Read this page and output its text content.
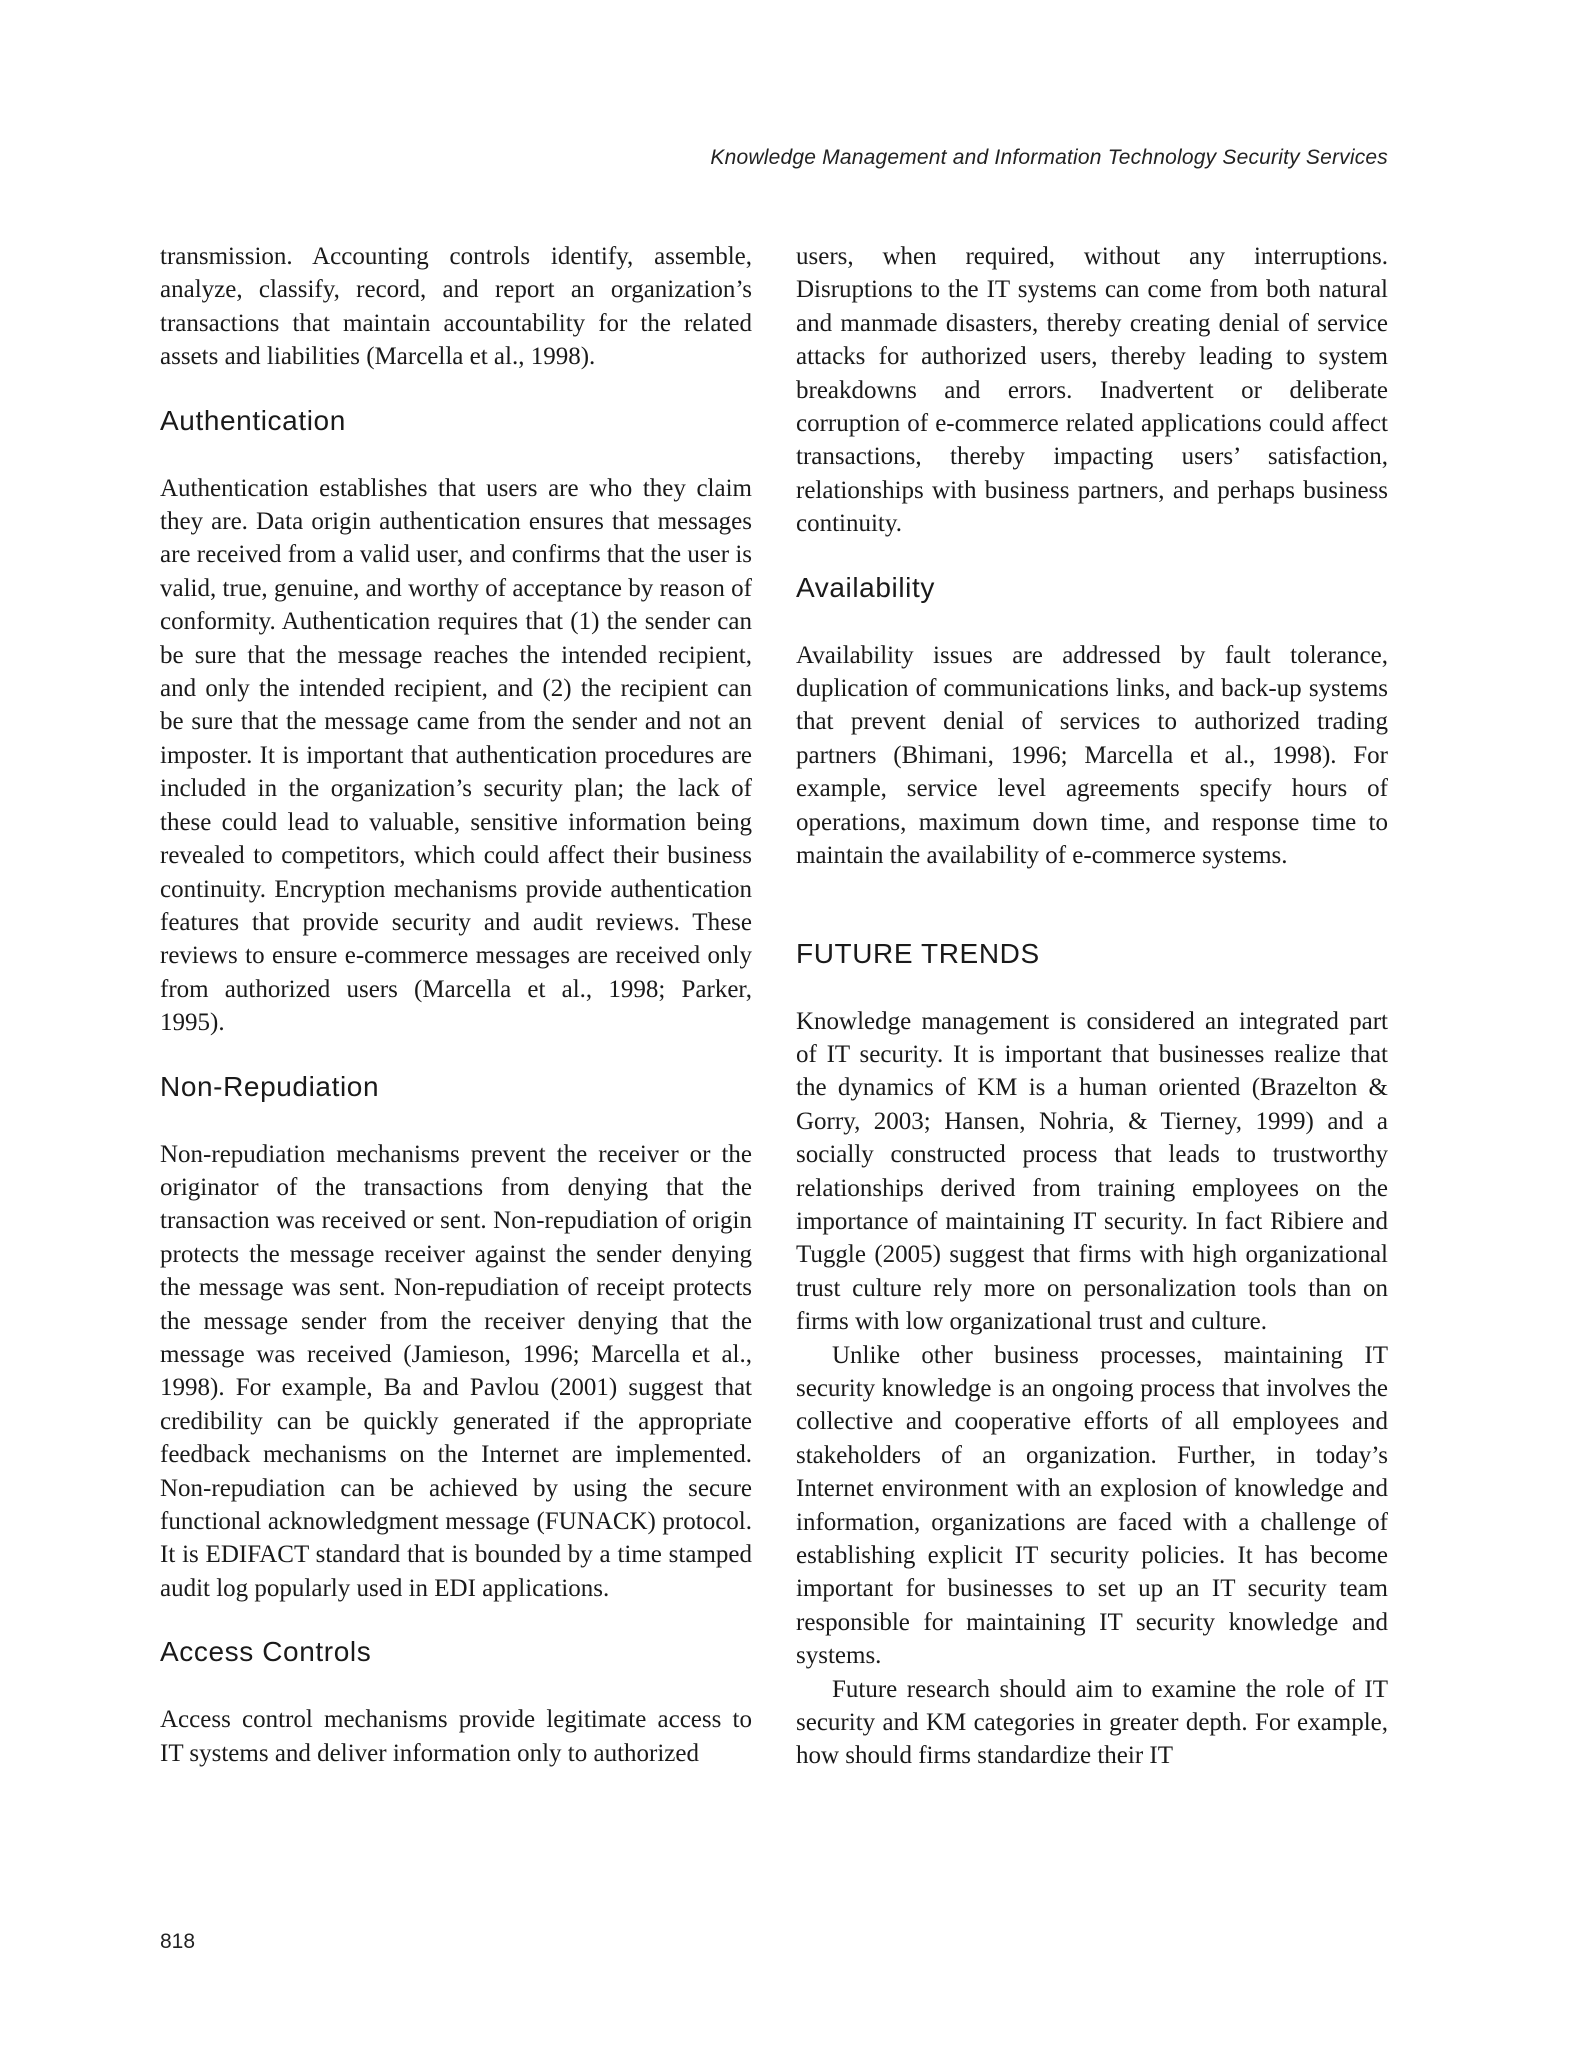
Knowledge Management and Information Technology Security Services

transmission. Accounting controls identify, assemble, analyze, classify, record, and report an organization’s transactions that maintain accountability for the related assets and liabilities (Marcella et al., 1998).

Authentication

Authentication establishes that users are who they claim they are. Data origin authentication ensures that messages are received from a valid user, and confirms that the user is valid, true, genuine, and worthy of acceptance by reason of conformity. Authentication requires that (1) the sender can be sure that the message reaches the intended recipient, and only the intended recipient, and (2) the recipient can be sure that the message came from the sender and not an imposter. It is important that authentication procedures are included in the organization’s security plan; the lack of these could lead to valuable, sensitive information being revealed to competitors, which could affect their business continuity. Encryption mechanisms provide authentication features that provide security and audit reviews. These reviews to ensure e-commerce messages are received only from authorized users (Marcella et al., 1998; Parker, 1995).

Non-Repudiation

Non-repudiation mechanisms prevent the receiver or the originator of the transactions from denying that the transaction was received or sent. Non-repudiation of origin protects the message receiver against the sender denying the message was sent. Non-repudiation of receipt protects the message sender from the receiver denying that the message was received (Jamieson, 1996; Marcella et al., 1998). For example, Ba and Pavlou (2001) suggest that credibility can be quickly generated if the appropriate feedback mechanisms on the Internet are implemented. Non-repudiation can be achieved by using the secure functional acknowledgment message (FUNACK) protocol. It is EDIFACT standard that is bounded by a time stamped audit log popularly used in EDI applications.

Access Controls

Access control mechanisms provide legitimate access to IT systems and deliver information only to authorized

users, when required, without any interruptions. Disruptions to the IT systems can come from both natural and manmade disasters, thereby creating denial of service attacks for authorized users, thereby leading to system breakdowns and errors. Inadvertent or deliberate corruption of e-commerce related applications could affect transactions, thereby impacting users’ satisfaction, relationships with business partners, and perhaps business continuity.

Availability

Availability issues are addressed by fault tolerance, duplication of communications links, and back-up systems that prevent denial of services to authorized trading partners (Bhimani, 1996; Marcella et al., 1998). For example, service level agreements specify hours of operations, maximum down time, and response time to maintain the availability of e-commerce systems.

FUTURE TRENDS

Knowledge management is considered an integrated part of IT security. It is important that businesses realize that the dynamics of KM is a human oriented (Brazelton & Gorry, 2003; Hansen, Nohria, & Tierney, 1999) and a socially constructed process that leads to trustworthy relationships derived from training employees on the importance of maintaining IT security. In fact Ribiere and Tuggle (2005) suggest that firms with high organizational trust culture rely more on personalization tools than on firms with low organizational trust and culture.

Unlike other business processes, maintaining IT security knowledge is an ongoing process that involves the collective and cooperative efforts of all employees and stakeholders of an organization. Further, in today’s Internet environment with an explosion of knowledge and information, organizations are faced with a challenge of establishing explicit IT security policies. It has become important for businesses to set up an IT security team responsible for maintaining IT security knowledge and systems.

Future research should aim to examine the role of IT security and KM categories in greater depth. For example, how should firms standardize their IT

818
